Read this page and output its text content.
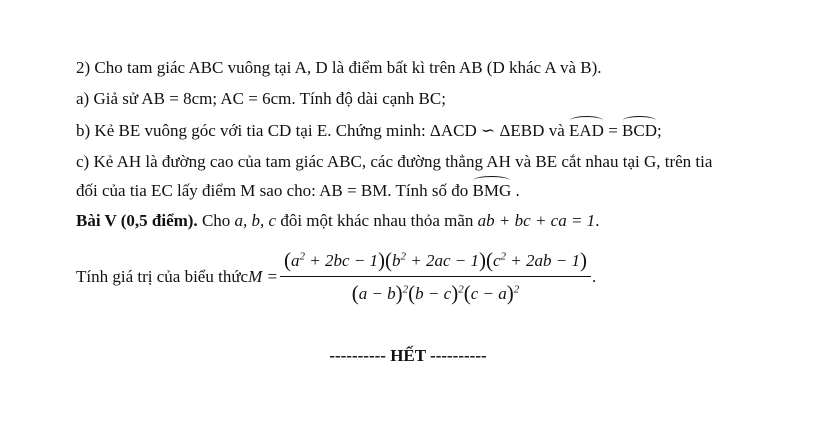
2) Cho tam giác ABC vuông tại A, D là điểm bất kì trên AB (D khác A và B).
a) Giả sử AB = 8cm; AC = 6cm. Tính độ dài cạnh BC;
b) Kẻ BE vuông góc với tia CD tại E. Chứng minh: ΔACD ∽ ΔEBD và EAD = BCD;
c) Kẻ AH là đường cao của tam giác ABC, các đường thẳng AH và BE cắt nhau tại G, trên tia
đối của tia EC lấy điểm M sao cho: AB = BM. Tính số đo BMG .
Bài V (0,5 điểm). Cho a, b, c đôi một khác nhau thỏa mãn ab + bc + ca = 1.
Tính giá trị của biểu thức $M = \frac{(a^2 + 2bc - 1)(b^2 + 2ac - 1)(c^2 + 2ab - 1)}{(a - b)^2(b - c)^2(c - a)^2}$ .
---------- HẾT ----------
